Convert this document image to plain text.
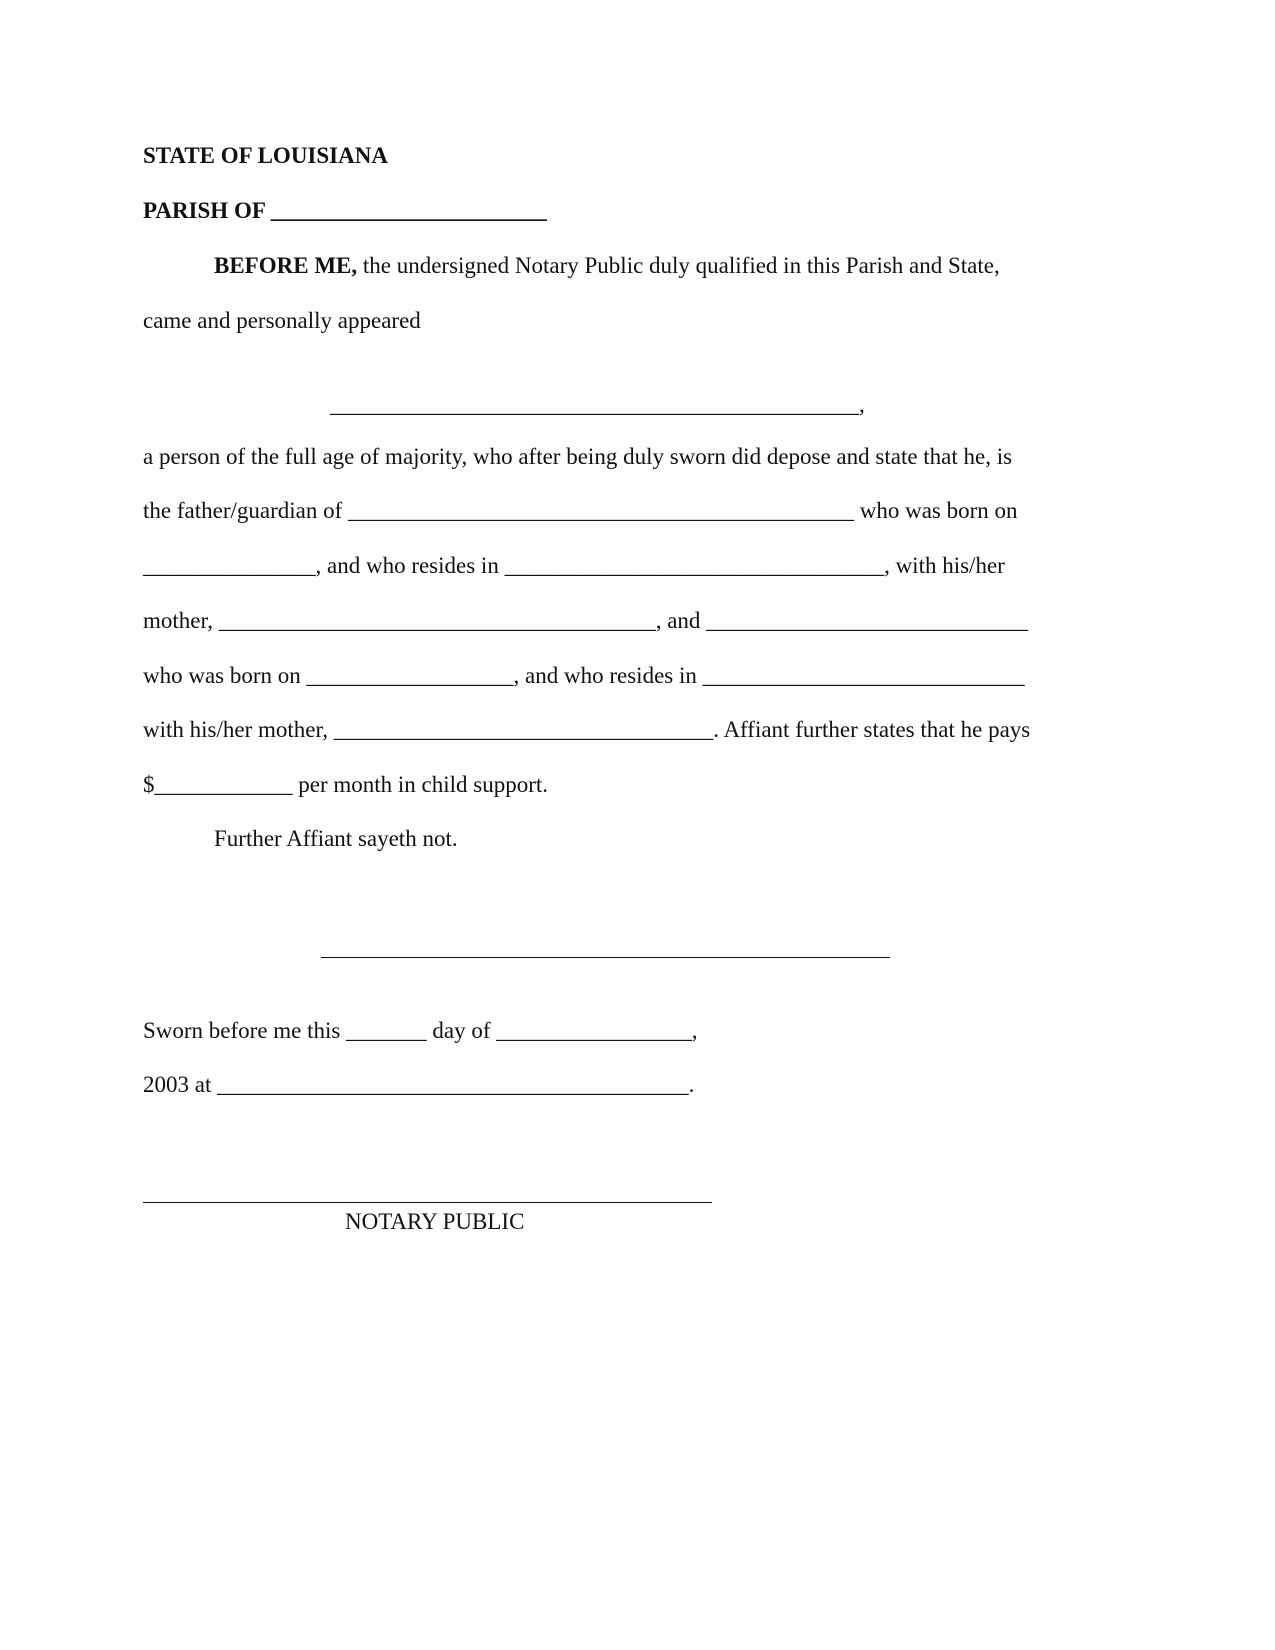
STATE OF LOUISIANA
PARISH OF ________________________
BEFORE ME, the undersigned Notary Public duly qualified in this Parish and State,
came and personally appeared
______________________________________________,
a person of the full age of majority, who after being duly sworn did depose and state that he, is
the father/guardian of ____________________________________________ who was born on
_______________, and who resides in _________________________________, with his/her
mother, ______________________________________, and ____________________________
who was born on __________________, and who resides in ____________________________
with his/her mother, _________________________________. Affiant further states that he pays
$____________ per month in child support.
Further Affiant sayeth not.
Sworn before me this _______ day of _________________,
2003 at _________________________________________.
NOTARY PUBLIC
